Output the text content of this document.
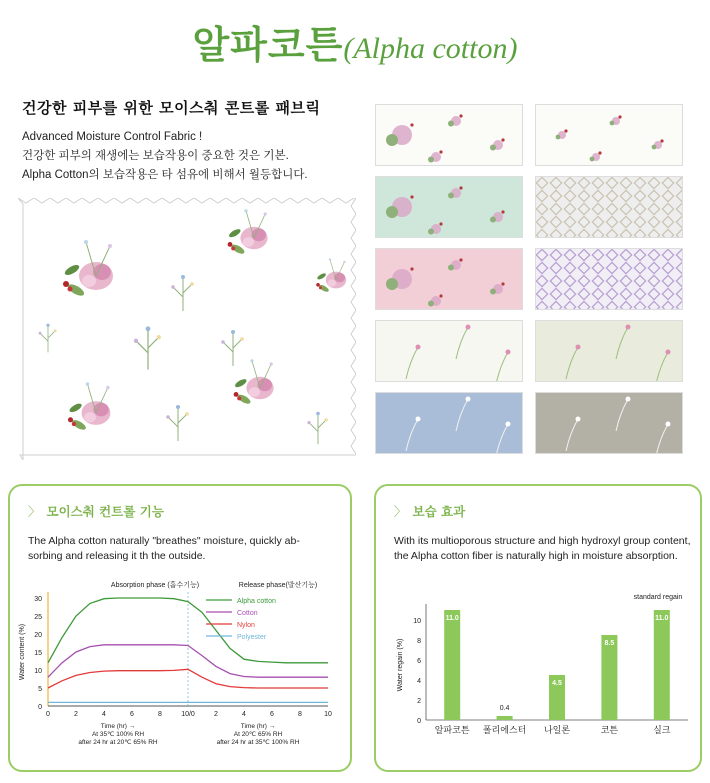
알파코튼(Alpha cotton)
건강한 피부를 위한 모이스춰 콘트롤 패브릭
Advanced Moisture Control Fabric !
건강한 피부의 재생에는 보습작용이 중요한 것은 기본.
Alpha Cotton의 보습작용은 타 섬유에 비해서 월등합니다.
〉 모이스춰 컨트롤 기능
The Alpha cotton naturally "breathes" moisture, quickly ab-
sorbing and releasing it th the outside.
Absorption phase (흡수기능)	Release phase(발산기능)
0
5
10
15
20
25
30
0	2	4	6	8	10/0	2	4	6	8	10
Water content (%)
Alpha cotton
Cotton
Nylon
Polyester
Time (hr) →
At 35℃ 100% RH
after 24 hr at 20℃ 65% RH
Time (hr) →
At 20℃ 65% RH
after 24 hr at 35℃ 100% RH
〉 보습 효과
With its multioporous structure and high hydroxyl group content,
the Alpha cotton fiber is naturally high in moisture absorption.
standard regain
0
2
4
6
8
10
Water regain (%)
11.0
알파코튼
0.4
폴리에스터
4.5
나일론
8.5
코튼
11.0
실크
